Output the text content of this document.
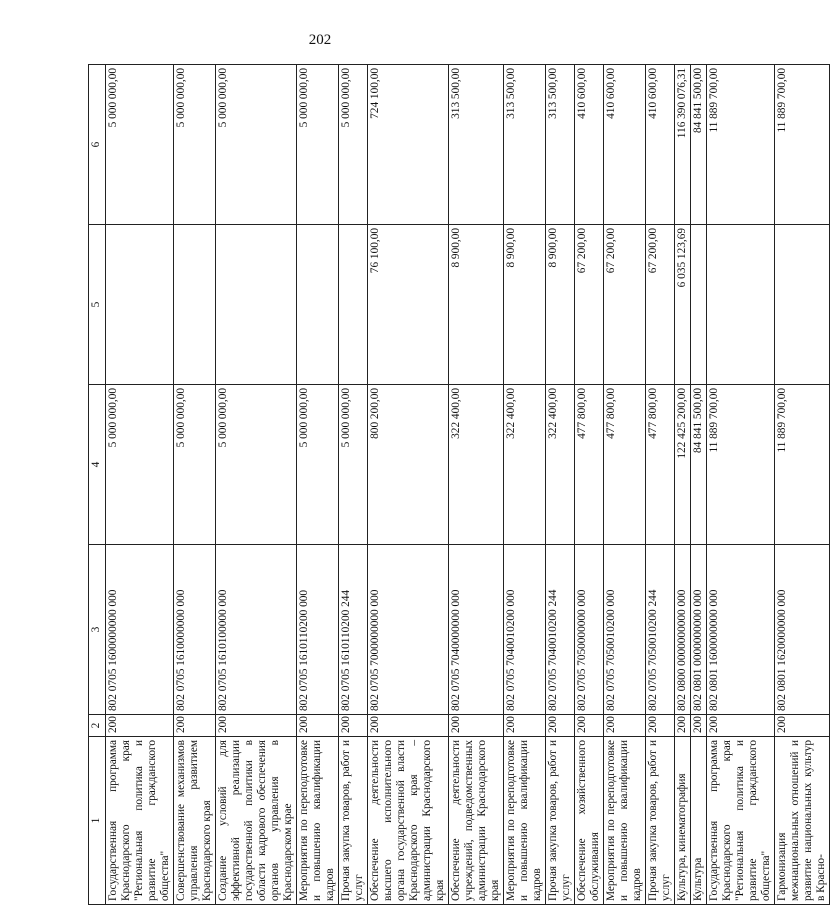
202
1	2	3	4	5	6
Государственная программа Краснодарского края "Региональная политика и развитие гражданского общества"	200	802 0705 1600000000 000	5 000 000,00		5 000 000,00
Совершенствование механизмов управления развитием Краснодарского края	200	802 0705 1610000000 000	5 000 000,00		5 000 000,00
Создание условий для эффективной реализации государственной политики в области кадрового обеспечения органов управления в Краснодарском крае	200	802 0705 1610100000 000	5 000 000,00		5 000 000,00
Мероприятия по переподготовке и повышению квалификации кадров	200	802 0705 1610110200 000	5 000 000,00		5 000 000,00
Прочая закупка товаров, работ и услуг	200	802 0705 1610110200 244	5 000 000,00		5 000 000,00
Обеспечение деятельности высшего исполнительного органа государственной власти Краснодарского края – администрации Краснодарского края	200	802 0705 7000000000 000	800 200,00	76 100,00	724 100,00
Обеспечение деятельности учреждений, подведомственных администрации Краснодарского края	200	802 0705 7040000000 000	322 400,00	8 900,00	313 500,00
Мероприятия по переподготовке и повышению квалификации кадров	200	802 0705 7040010200 000	322 400,00	8 900,00	313 500,00
Прочая закупка товаров, работ и услуг	200	802 0705 7040010200 244	322 400,00	8 900,00	313 500,00
Обеспечение хозяйственного обслуживания	200	802 0705 7050000000 000	477 800,00	67 200,00	410 600,00
Мероприятия по переподготовке и повышению квалификации кадров	200	802 0705 7050010200 000	477 800,00	67 200,00	410 600,00
Прочая закупка товаров, работ и услуг	200	802 0705 7050010200 244	477 800,00	67 200,00	410 600,00
Культура, кинематография	200	802 0800 0000000000 000	122 425 200,00	6 035 123,69	116 390 076,31
Культура	200	802 0801 0000000000 000	84 841 500,00		84 841 500,00
Государственная программа Краснодарского края "Региональная политика и развитие гражданского общества"	200	802 0801 1600000000 000	11 889 700,00		11 889 700,00
Гармонизация межнациональных отношений и развитие национальных культур в Красно-	200	802 0801 1620000000 000	11 889 700,00		11 889 700,00
